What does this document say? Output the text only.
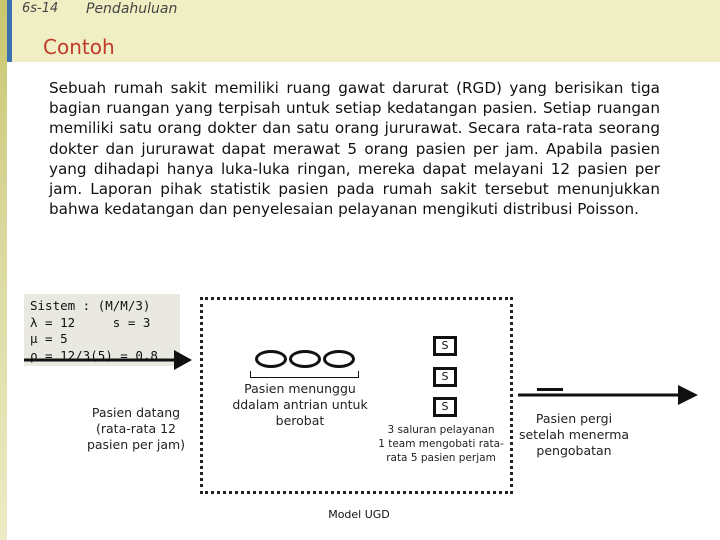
6s-14 Pendahuluan
Contoh

Sebuah rumah sakit memiliki ruang gawat darurat (RGD) yang berisikan tiga bagian ruangan yang terpisah untuk setiap kedatangan pasien. Setiap ruangan memiliki satu orang dokter dan satu orang jururawat. Secara rata-rata seorang dokter dan jururawat dapat merawat 5 orang pasien per jam. Apabila pasien yang dihadapi hanya luka-luka ringan, mereka dapat melayani 12 pasien per jam. Laporan pihak statistik pasien pada rumah sakit tersebut menunjukkan bahwa kedatangan dan penyelesaian pelayanan mengikuti distribusi Poisson.

Sistem : (M/M/3)
λ = 12     s = 3
μ = 5
ρ = 12/3(5) = 0,8
Pasien datang
(rata-rata 12
pasien per jam)
Pasien menunggu
ddalam antrian untuk
berobat
S
S
S
3 saluran pelayanan
1 team mengobati rata-
rata 5 pasien perjam
Pasien pergi
setelah menerma
pengobatan
Model UGD
